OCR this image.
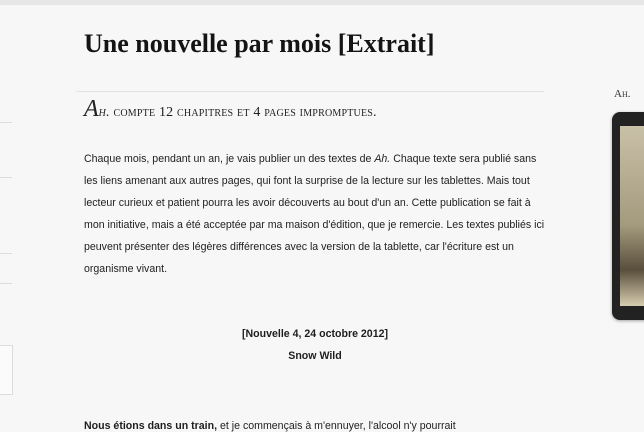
Une nouvelle par mois [Extrait]
Ah. compte 12 chapitres et 4 pages impromptues.

Chaque mois, pendant un an, je vais publier un des textes de Ah. Chaque texte sera publié sans les liens amenant aux autres pages, qui font la surprise de la lecture sur les tablettes. Mais tout lecteur curieux et patient pourra les avoir découverts au bout d'un an. Cette publication se fait à mon initiative, mais a été acceptée par ma maison d'édition, que je remercie. Les textes publiés ici peuvent présenter des légères différences avec la version de la tablette, car l'écriture est un organisme vivant.

[Nouvelle 4, 24 octobre 2012]
Snow Wild

Nous étions dans un train, et je commençais à m'ennuyer, l'alcool n'y pourrait

Ah.
